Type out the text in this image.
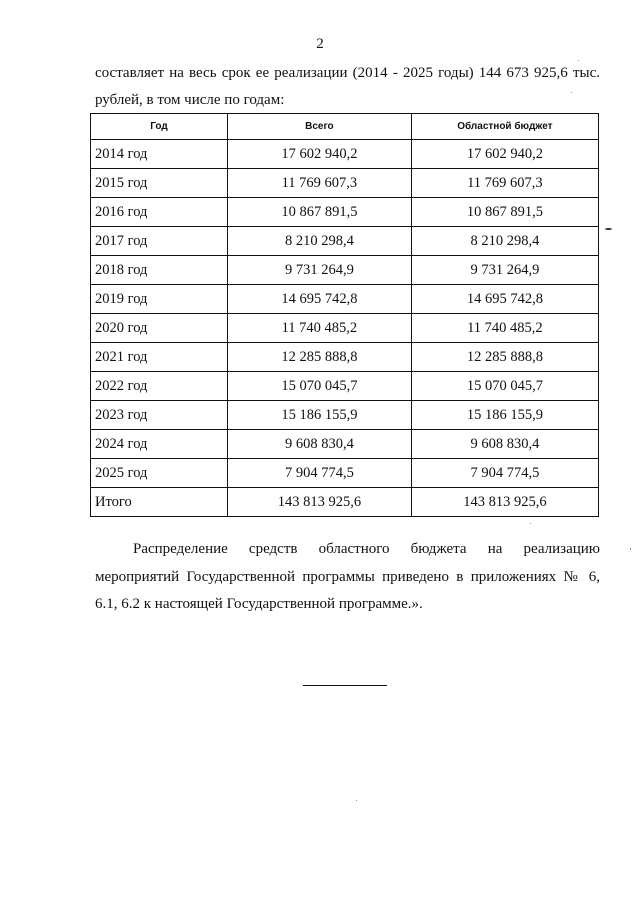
2
составляет на весь срок ее реализации (2014 - 2025 годы) 144 673 925,6 тыс.
рублей, в том числе по годам:
Год	Всего	Областной бюджет
2014 год	17 602 940,2	17 602 940,2
2015 год	11 769 607,3	11 769 607,3
2016 год	10 867 891,5	10 867 891,5
2017 год	8 210 298,4	8 210 298,4
2018 год	9 731 264,9	9 731 264,9
2019 год	14 695 742,8	14 695 742,8
2020 год	11 740 485,2	11 740 485,2
2021 год	12 285 888,8	12 285 888,8
2022 год	15 070 045,7	15 070 045,7
2023 год	15 186 155,9	15 186 155,9
2024 год	9 608 830,4	9 608 830,4
2025 год	7 904 774,5	7 904 774,5
Итого	143 813 925,6	143 813 925,6
Распределение средств областного бюджета на реализацию
мероприятий Государственной программы приведено в приложениях № 6,
6.1, 6.2 к настоящей Государственной программе.».
